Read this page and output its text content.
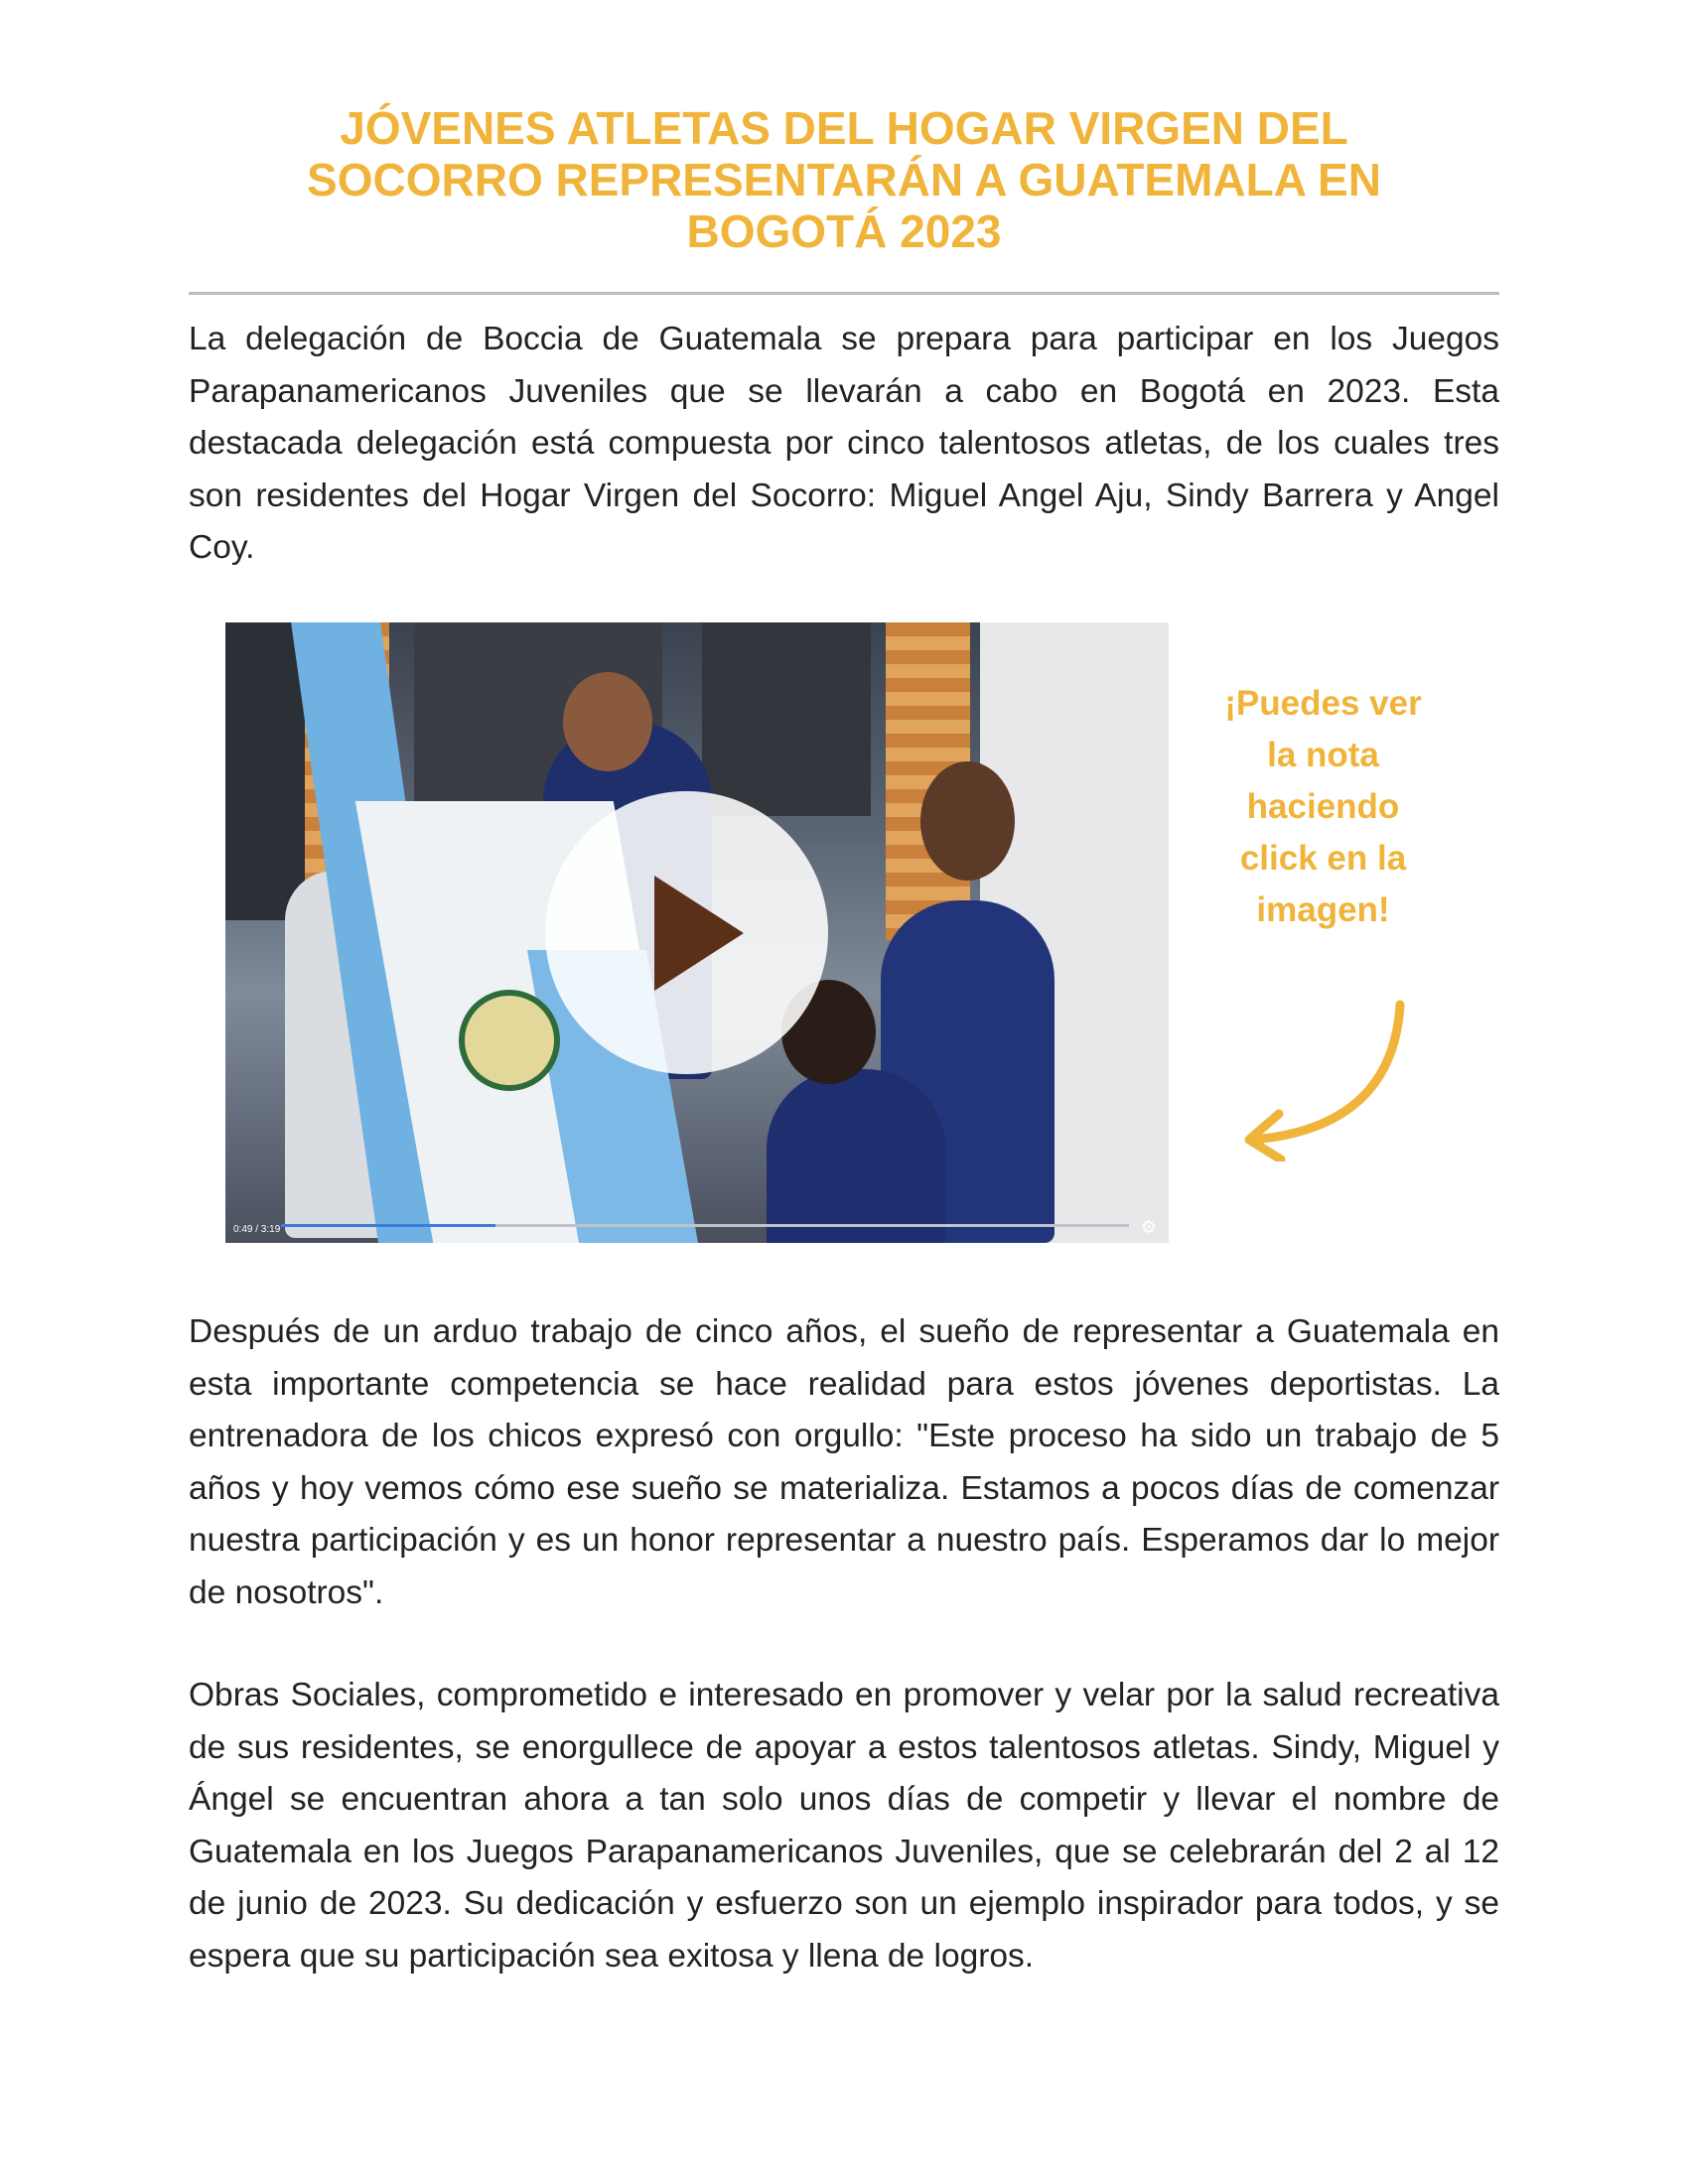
JÓVENES ATLETAS DEL HOGAR VIRGEN DEL
SOCORRO REPRESENTARÁN A GUATEMALA EN
BOGOTÁ 2023

La delegación de Boccia de Guatemala se prepara para participar en los Juegos Parapanamericanos Juveniles que se llevarán a cabo en Bogotá en 2023. Esta destacada delegación está compuesta por cinco talentosos atletas, de los cuales tres son residentes del Hogar Virgen del Socorro: Miguel Angel Aju, Sindy Barrera y Angel Coy.

0:49 / 3:19	⚙

¡Puedes ver
la nota
haciendo
click en la
imagen!

Después de un arduo trabajo de cinco años, el sueño de representar a Guatemala en esta importante competencia se hace realidad para estos jóvenes deportistas. La entrenadora de los chicos expresó con orgullo: "Este proceso ha sido un trabajo de 5 años y hoy vemos cómo ese sueño se materializa. Estamos a pocos días de comenzar nuestra participación y es un honor representar a nuestro país. Esperamos dar lo mejor de nosotros".

Obras Sociales, comprometido e interesado en promover y velar por la salud recreativa de sus residentes, se enorgullece de apoyar a estos talentosos atletas. Sindy, Miguel y Ángel se encuentran ahora a tan solo unos días de competir y llevar el nombre de Guatemala en los Juegos Parapanamericanos Juveniles, que se celebrarán del 2 al 12 de junio de 2023. Su dedicación y esfuerzo son un ejemplo inspirador para todos, y se espera que su participación sea exitosa y llena de logros.
